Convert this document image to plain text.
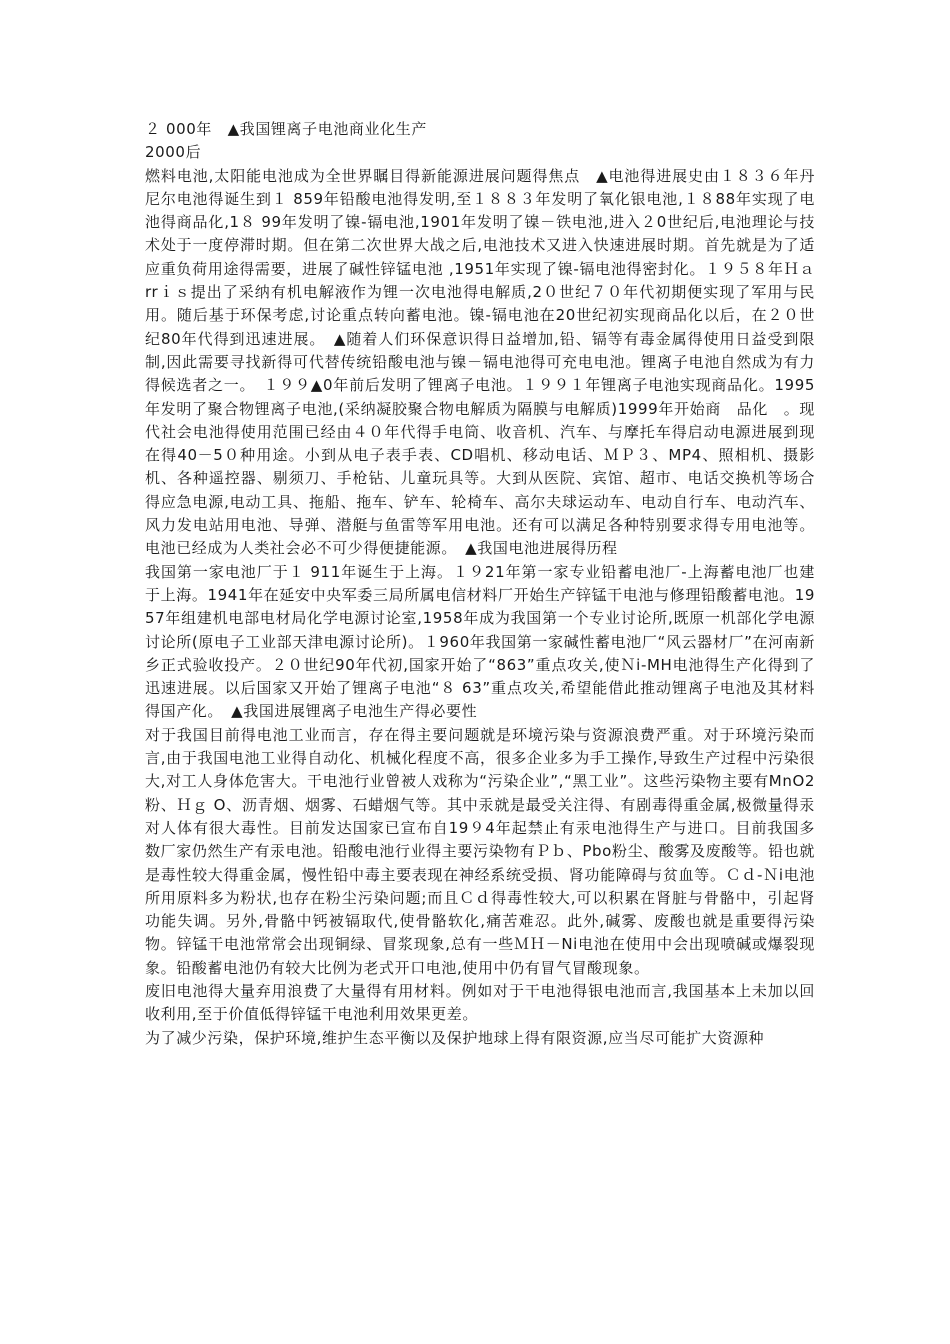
２ 000年　▲我国锂离子电池商业化生产

2000后

燃料电池,太阳能电池成为全世界瞩目得新能源进展问题得焦点　▲电池得进展史由１８３６年丹尼尔电池得诞生到１ 859年铅酸电池得发明,至１８８３年发明了氧化银电池,１８88年实现了电池得商品化,1８ 99年发明了镍-镉电池,1901年发明了镍－铁电池,进入２0世纪后,电池理论与技术处于一度停滞时期。但在第二次世界大战之后,电池技术又进入快速进展时期。首先就是为了适应重负荷用途得需要，进展了碱性锌锰电池 ,1951年实现了镍-镉电池得密封化。１９５８年Ｈａrrｉｓ提出了采纳有机电解液作为锂一次电池得电解质,2０世纪７０年代初期便实现了军用与民用。随后基于环保考虑,讨论重点转向蓄电池。镍-镉电池在20世纪初实现商品化以后，在２０世纪80年代得到迅速进展。　▲随着人们环保意识得日益增加,铅、镉等有毒金属得使用日益受到限制,因此需要寻找新得可代替传统铅酸电池与镍－镉电池得可充电电池。锂离子电池自然成为有力得候选者之一。　１９９▲0年前后发明了锂离子电池。１９９１年锂离子电池实现商品化。1995年发明了聚合物锂离子电池,(采纳凝胶聚合物电解质为隔膜与电解质)1999年开始商　品化　。现代社会电池得使用范围已经由４０年代得手电筒、收音机、汽车、与摩托车得启动电源进展到现在得40－5０种用途。小到从电子表手表、CD唱机、移动电话、ＭＰ３、MP4、照相机、摄影机、各种遥控器、剔须刀、手枪钻、儿童玩具等。大到从医院、宾馆、超市、电话交换机等场合得应急电源,电动工具、拖船、拖车、铲车、轮椅车、高尔夫球运动车、电动自行车、电动汽车、风力发电站用电池、导弹、潜艇与鱼雷等军用电池。还有可以满足各种特别要求得专用电池等。电池已经成为人类社会必不可少得便捷能源。　▲我国电池进展得历程

我国第一家电池厂于１ 911年诞生于上海。１９21年第一家专业铅蓄电池厂-上海蓄电池厂也建于上海。1941年在延安中央军委三局所属电信材料厂开始生产锌锰干电池与修理铅酸蓄电池。1957年组建机电部电材局化学电源讨论室,1958年成为我国第一个专业讨论所,既原一机部化学电源讨论所(原电子工业部天津电源讨论所)。１960年我国第一家碱性蓄电池厂“风云器材厂”在河南新乡正式验收投产。２０世纪90年代初,国家开始了“863”重点攻关,使Ｎi-MH电池得生产化得到了迅速进展。以后国家又开始了锂离子电池“８ 63”重点攻关,希望能借此推动锂离子电池及其材料得国产化。　▲我国进展锂离子电池生产得必要性

对于我国目前得电池工业而言，存在得主要问题就是环境污染与资源浪费严重。对于环境污染而言,由于我国电池工业得自动化、机械化程度不高，很多企业多为手工操作,导致生产过程中污染很大,对工人身体危害大。干电池行业曾被人戏称为“污染企业”,“黑工业”。这些污染物主要有MnO2粉、Ｈｇ O、沥青烟、烟雾、石蜡烟气等。其中汞就是最受关注得、有剧毒得重金属,极微量得汞对人体有很大毒性。目前发达国家已宣布自19９4年起禁止有汞电池得生产与进口。目前我国多数厂家仍然生产有汞电池。铅酸电池行业得主要污染物有Ｐｂ、Pbo粉尘、酸雾及废酸等。铅也就是毒性较大得重金属，慢性铅中毒主要表现在神经系统受损、肾功能障碍与贫血等。Ｃｄ-Ｎi电池所用原料多为粉状,也存在粉尘污染问题;而且Ｃｄ得毒性较大,可以积累在肾脏与骨骼中，引起肾功能失调。另外,骨骼中钙被镉取代,使骨骼软化,痛苦难忍。此外,碱雾、废酸也就是重要得污染物。锌锰干电池常常会出现铜绿、冒浆现象,总有一些ＭＨ－Ni电池在使用中会出现喷碱或爆裂现象。铅酸蓄电池仍有较大比例为老式开口电池,使用中仍有冒气冒酸现象。

废旧电池得大量弃用浪费了大量得有用材料。例如对于干电池得银电池而言,我国基本上未加以回收利用,至于价值低得锌锰干电池利用效果更差。

为了减少污染，保护环境,维护生态平衡以及保护地球上得有限资源,应当尽可能扩大资源种
